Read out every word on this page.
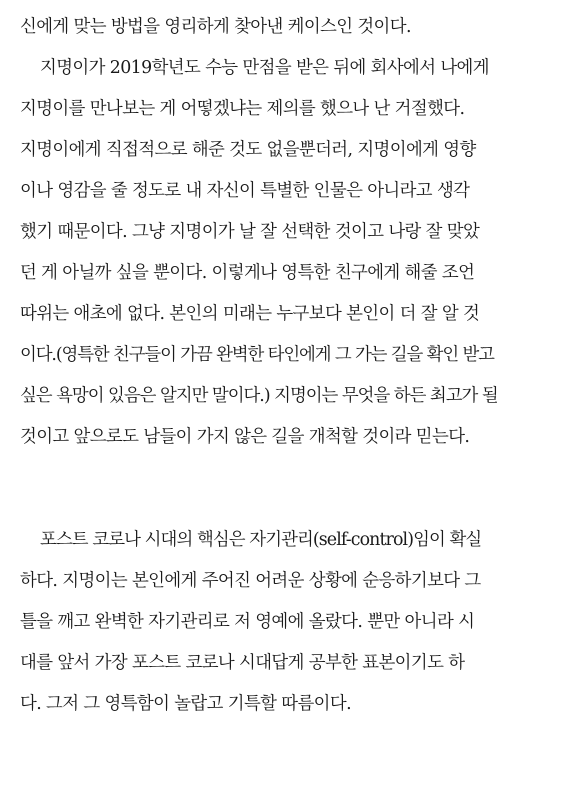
신에게 맞는 방법을 영리하게 찾아낸 케이스인 것이다.
지명이가 2019학년도 수능 만점을 받은 뒤에 회사에서 나에게
지명이를 만나보는 게 어떻겠냐는 제의를 했으나 난 거절했다.
지명이에게 직접적으로 해준 것도 없을뿐더러, 지명이에게 영향
이나 영감을 줄 정도로 내 자신이 특별한 인물은 아니라고 생각
했기 때문이다. 그냥 지명이가 날 잘 선택한 것이고 나랑 잘 맞았
던 게 아닐까 싶을 뿐이다. 이렇게나 영특한 친구에게 해줄 조언
따위는 애초에 없다. 본인의 미래는 누구보다 본인이 더 잘 알 것
이다.(영특한 친구들이 가끔 완벽한 타인에게 그 가는 길을 확인 받고
싶은 욕망이 있음은 알지만 말이다.) 지명이는 무엇을 하든 최고가 될
것이고 앞으로도 남들이 가지 않은 길을 개척할 것이라 믿는다.
포스트 코로나 시대의 핵심은 자기관리(self-control)임이 확실
하다. 지명이는 본인에게 주어진 어려운 상황에 순응하기보다 그
틀을 깨고 완벽한 자기관리로 저 영예에 올랐다. 뿐만 아니라 시
대를 앞서 가장 포스트 코로나 시대답게 공부한 표본이기도 하
다. 그저 그 영특함이 놀랍고 기특할 따름이다.
